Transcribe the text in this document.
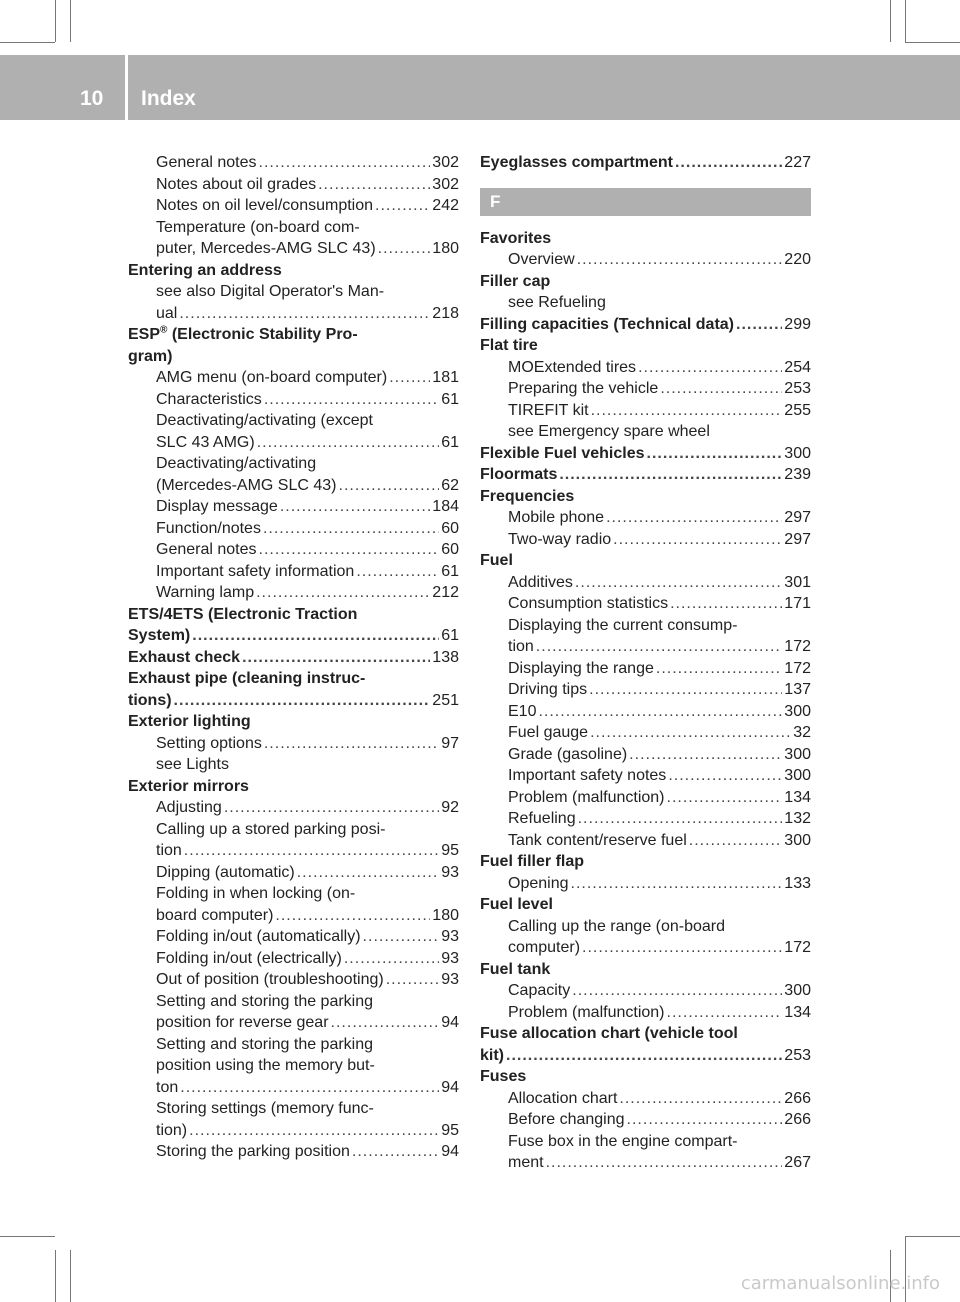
10 Index
General notes .....	302
Notes about oil grades .....	302
Notes on oil level/consumption .....	242
Temperature (on-board com-
puter, Mercedes-AMG SLC 43) .....	180
Entering an address
see also Digital Operator's Man-
ual .....	218
ESP® (Electronic Stability Pro-
gram)
AMG menu (on-board computer) .....	181
Characteristics .....	61
Deactivating/activating (except
SLC 43 AMG) .....	61
Deactivating/activating
(Mercedes-AMG SLC 43) .....	62
Display message .....	184
Function/notes .....	60
General notes .....	60
Important safety information .....	61
Warning lamp .....	212
ETS/4ETS (Electronic Traction
System) .....	61
Exhaust check .....	138
Exhaust pipe (cleaning instruc-
tions) .....	251
Exterior lighting
Setting options .....	97
see Lights
Exterior mirrors
Adjusting .....	92
Calling up a stored parking posi-
tion .....	95
Dipping (automatic) .....	93
Folding in when locking (on-
board computer) .....	180
Folding in/out (automatically) .....	93
Folding in/out (electrically) .....	93
Out of position (troubleshooting) .....	93
Setting and storing the parking
position for reverse gear .....	94
Setting and storing the parking
position using the memory but-
ton .....	94
Storing settings (memory func-
tion) .....	95
Storing the parking position .....	94
Eyeglasses compartment .....	227
F
Favorites
Overview .....	220
Filler cap
see Refueling
Filling capacities (Technical data) .....	299
Flat tire
MOExtended tires .....	254
Preparing the vehicle .....	253
TIREFIT kit .....	255
see Emergency spare wheel
Flexible Fuel vehicles .....	300
Floormats .....	239
Frequencies
Mobile phone .....	297
Two-way radio .....	297
Fuel
Additives .....	301
Consumption statistics .....	171
Displaying the current consump-
tion .....	172
Displaying the range .....	172
Driving tips .....	137
E10 .....	300
Fuel gauge .....	32
Grade (gasoline) .....	300
Important safety notes .....	300
Problem (malfunction) .....	134
Refueling .....	132
Tank content/reserve fuel .....	300
Fuel filler flap
Opening .....	133
Fuel level
Calling up the range (on-board
computer) .....	172
Fuel tank
Capacity .....	300
Problem (malfunction) .....	134
Fuse allocation chart (vehicle tool
kit) .....	253
Fuses
Allocation chart .....	266
Before changing .....	266
Fuse box in the engine compart-
ment .....	267
carmanualsonline.info
